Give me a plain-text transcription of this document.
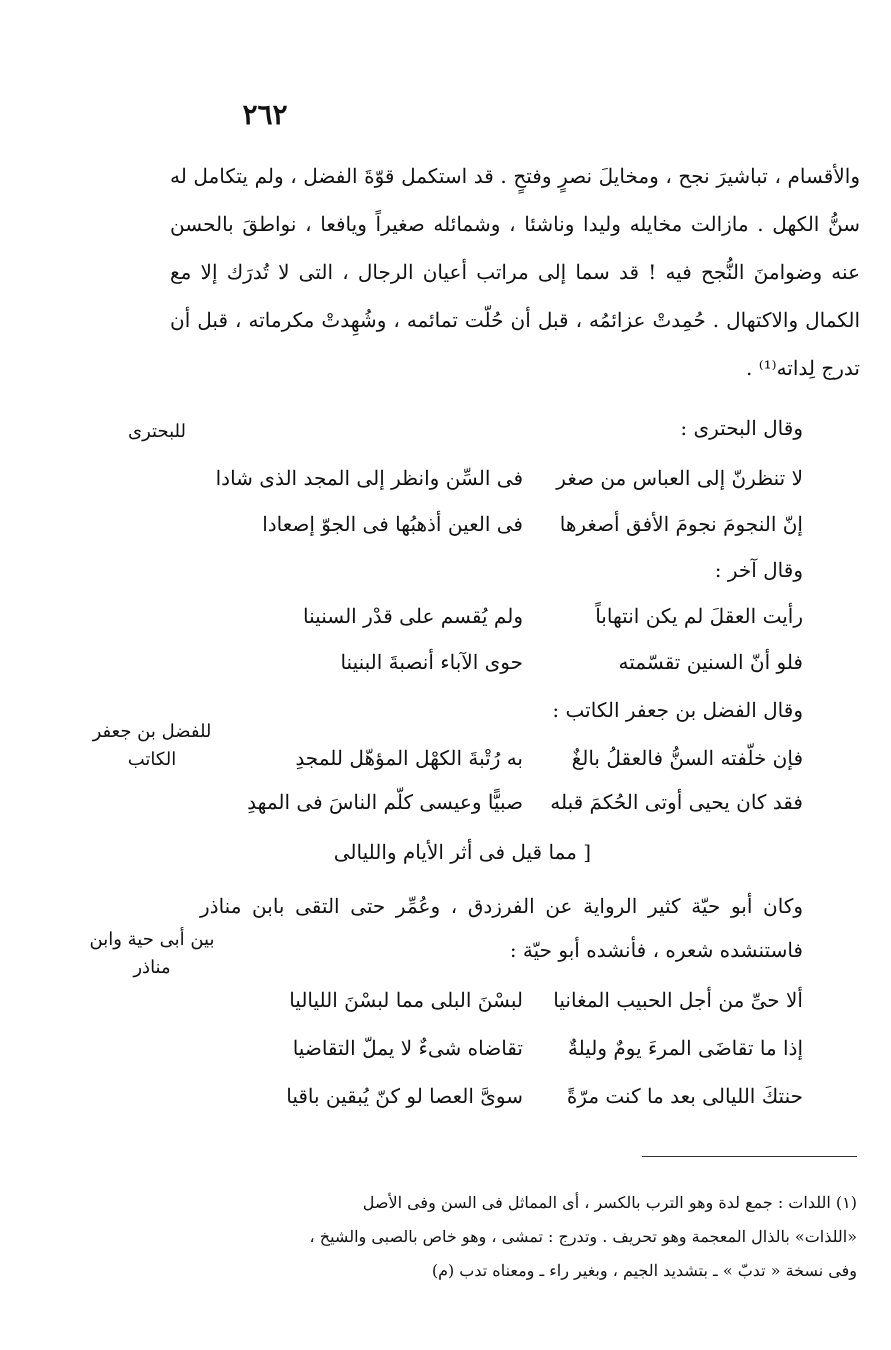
٢٦٢

والأقسام ، تباشيرَ نجح ، ومخايلَ نصرٍ وفتحٍ . قد استكمل قوّةَ الفضل ، ولم يتكامل له سنُّ الكهل . مازالت مخايله وليدا وناشئا ، وشمائله صغيراً ويافعا ، نواطقَ بالحسن عنه وضوامنَ النُّجح فيه ! قد سما إلى مراتب أعيان الرجال ، التى لا تُدرَك إلا مع الكمال والاكتهال . حُمِدتْ عزائمُه ، قبل أن حُلّت تمائمه ، وشُهِدتْ مكرماته ، قبل أن تدرج لِداته⁽¹⁾ .

وقال البحترى :
للبحترى
لا تنظرنّ إلى العباس من صغر
فى السِّن وانظر إلى المجد الذى شادا
إنّ النجومَ نجومَ الأفق أصغرها
فى العين أذهبُها فى الجوّ إصعادا
وقال آخر :
رأيت العقلَ لم يكن انتهاباً
ولم يُقسم على قدْر السنينا
فلو أنّ السنين تقسّمته
حوى الآباء أنصبةَ البنينا
وقال الفضل بن جعفر الكاتب :
للفضل بن جعفر الكاتب	فإن خلّفته السنُّ فالعقلُ بالغٌ
به رُتْبةَ الكهْل المؤهّل للمجدِ
فقد كان يحيى أوتى الحُكمَ قبله
صبيًّا وعيسى كلّم الناسَ فى المهدِ
[ مما قيل فى أثر الأيام والليالى
وكان أبو حيّة كثير الرواية عن الفرزدق ، وعُمِّر حتى التقى بابن مناذر فاستنشده شعره ، فأنشده أبو حيّة :
بين أبى حية وابن مناذر
ألا حىِّ من أجل الحبيب المغانيا
لبسْنَ البلى مما لبسْنَ اللياليا
إذا ما تقاضَى المرءَ يومٌ وليلةٌ
تقاضاه شىءٌ لا يملّ التقاضيا
حنتكَ الليالى بعد ما كنت مرّةً
سوىَّ العصا لو كنّ يُبقين باقيا

(١) اللدات : جمع لدة وهو الترب بالكسر ، أى المماثل فى السن وفى الأصل

«اللذات» بالذال المعجمة وهو تحريف . وتدرج : تمشى ، وهو خاص بالصبى والشيخ ،

وفى نسخة « تدبّ » ـ بتشديد الجيم ، وبغير راء ـ ومعناه تدب (م)
